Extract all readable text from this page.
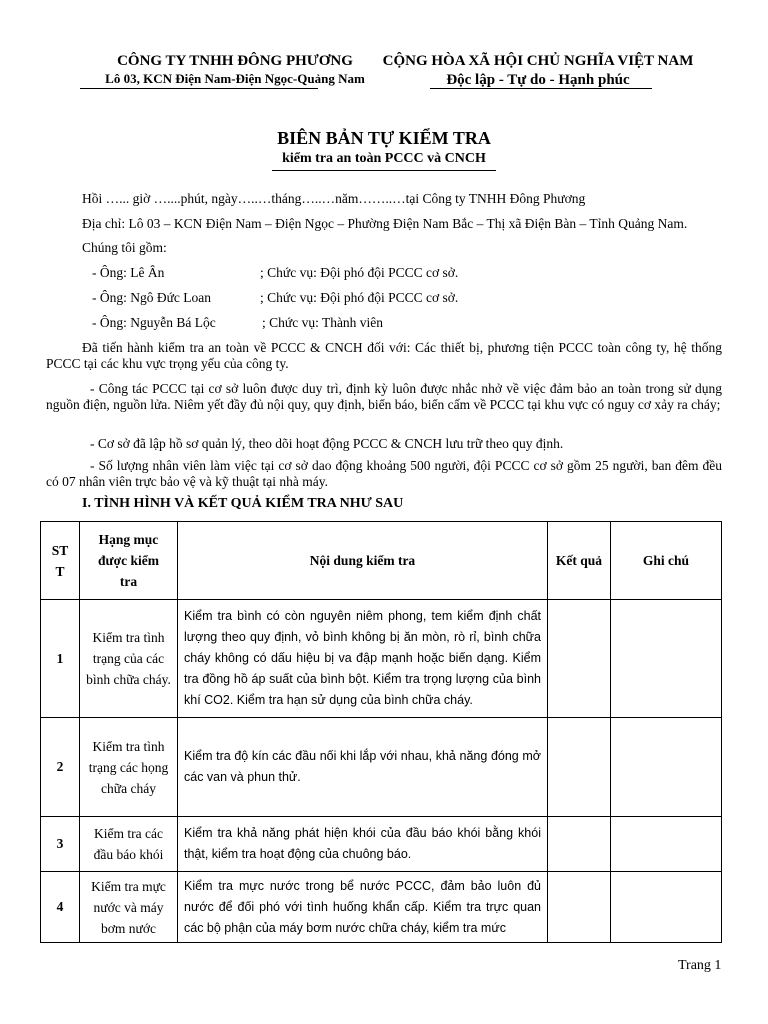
CÔNG TY TNHH ĐÔNG PHƯƠNG
Lô 03, KCN Điện Nam-Điện Ngọc-Quảng Nam
CỘNG HÒA XÃ HỘI CHỦ NGHĨA VIỆT NAM
Độc lập - Tự do - Hạnh phúc
BIÊN BẢN TỰ KIỂM TRA
kiểm tra an toàn PCCC và CNCH
Hồi …... giờ …....phút, ngày…..…tháng…..…năm……..…tại Công ty TNHH Đông Phương
Địa chỉ: Lô 03 – KCN Điện Nam – Điện Ngọc – Phường Điện Nam Bắc – Thị xã Điện Bàn – Tỉnh Quảng Nam.
Chúng tôi gồm:
- Ông: Lê Ân	; Chức vụ: Đội phó đội PCCC cơ sở.
- Ông: Ngô Đức Loan	; Chức vụ: Đội phó đội PCCC cơ sở.
- Ông: Nguyễn Bá Lộc	; Chức vụ: Thành viên
Đã tiến hành kiểm tra an toàn về PCCC & CNCH đối với: Các thiết bị, phương tiện PCCC toàn công ty, hệ thống PCCC tại các khu vực trọng yếu của công ty.
- Công tác PCCC tại cơ sở luôn được duy trì, định kỳ luôn được nhắc nhở về việc đảm bảo an toàn trong sử dụng nguồn điện, nguồn lửa. Niêm yết đầy đủ nội quy, quy định, biển báo, biển cấm về PCCC tại khu vực có nguy cơ xảy ra cháy;
- Cơ sở đã lập hồ sơ quản lý, theo dõi hoạt động PCCC & CNCH lưu trữ theo quy định.
- Số lượng nhân viên làm việc tại cơ sở dao động khoảng 500 người, đội PCCC cơ sở gồm 25 người, ban đêm đều có 07 nhân viên trực bảo vệ và kỹ thuật tại nhà máy.
I. TÌNH HÌNH VÀ KẾT QUẢ KIỂM TRA NHƯ SAU
ST
T	Hạng mục được kiểm tra	Nội dung kiểm tra	Kết quả	Ghi chú
1	Kiểm tra tình trạng của các bình chữa cháy.	Kiểm tra bình có còn nguyên niêm phong, tem kiểm định chất lượng theo quy định, vỏ bình không bị ăn mòn, rò rỉ, bình chữa cháy không có dấu hiệu bị va đập mạnh hoặc biến dạng. Kiểm tra đồng hồ áp suất của bình bột. Kiểm tra trọng lượng của bình khí CO2. Kiểm tra hạn sử dụng của bình chữa cháy.		
2	Kiểm tra tình trạng các họng chữa cháy	Kiểm tra độ kín các đầu nối khi lắp với nhau, khả năng đóng mở các van và phun thử.		
3	Kiểm tra các đầu báo khói	Kiểm tra khả năng phát hiện khói của đầu báo khói bằng khói thật, kiểm tra hoạt động của chuông báo.		
4	Kiểm tra mực nước và máy bơm nước	Kiểm tra mực nước trong bể nước PCCC, đảm bảo luôn đủ nước để đối phó với tình huống khẩn cấp. Kiểm tra trực quan các bộ phận của máy bơm nước chữa cháy, kiểm tra mức		
Trang 1
